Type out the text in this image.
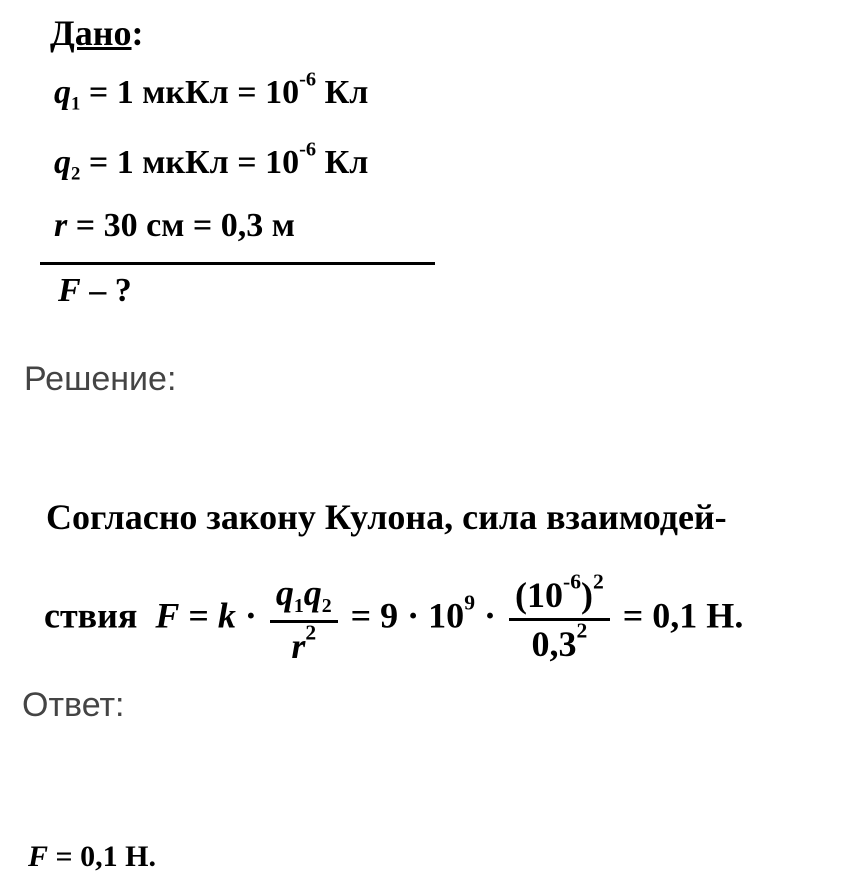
Дано:
$q_1 = 1$ мкКл = $10^{-6}$ Кл
$q_2 = 1$ мкКл = $10^{-6}$ Кл
r = 30 см = 0,3 м
F – ?
Решение:
Согласно закону Кулона, сила взаимодей-
ствия $F = k \cdot \frac{q_1q_2}{r^2} = 9 \cdot 10^9 \cdot \frac{(10^{-6})^2}{0,3^2} = 0,1$ Н.
Ответ:
F = 0,1 Н.
